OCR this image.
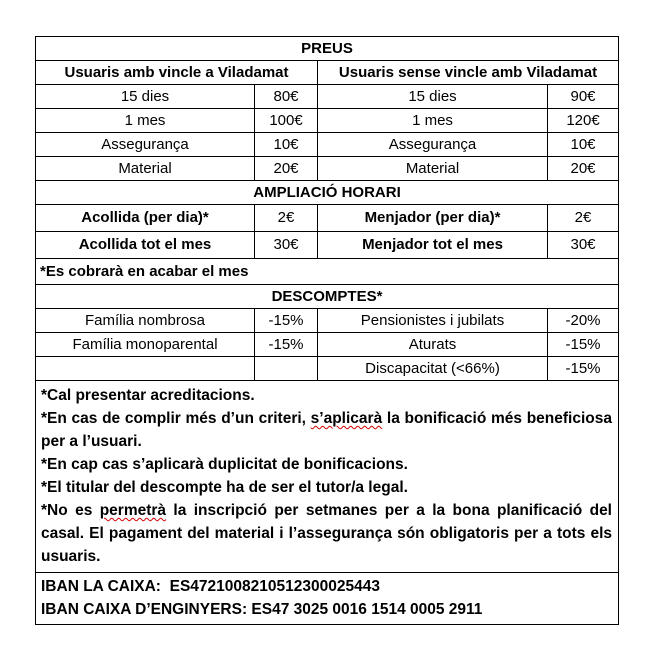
PREUS			
Usuaris amb vincle a Viladamat		Usuaris sense vincle amb Viladamat	
15 dies	80€	15 dies	90€
1 mes	100€	1 mes	120€
Assegurança	10€	Assegurança	10€
Material	20€	Material	20€
AMPLIACIÓ HORARI			
Acollida (per dia)*	2€	Menjador (per dia)*	2€
Acollida tot el mes	30€	Menjador tot el mes	30€
*Es cobrarà en acabar el mes			
DESCOMPTES*			
Família nombrosa	-15%	Pensionistes i jubilats	-20%
Família monoparental	-15%	Aturats	-15%
		Discapacitat (<66%)	-15%

*Cal presentar acreditacions.

*En cas de complir més d’un criteri, s’aplicarà la bonificació més beneficiosa per a l’usuari.

*En cap cas s’aplicarà duplicitat de bonificacions.

*El titular del descompte ha de ser el tutor/a legal.

*No es permetrà la inscripció per setmanes per a la bona planificació del casal. El pagament del material i l’assegurança són obligatoris per a tots els usuaris.			

IBAN LA CAIXA: ES4721008210512300025443
IBAN CAIXA D’ENGINYERS: ES47 3025 0016 1514 0005 2911			
